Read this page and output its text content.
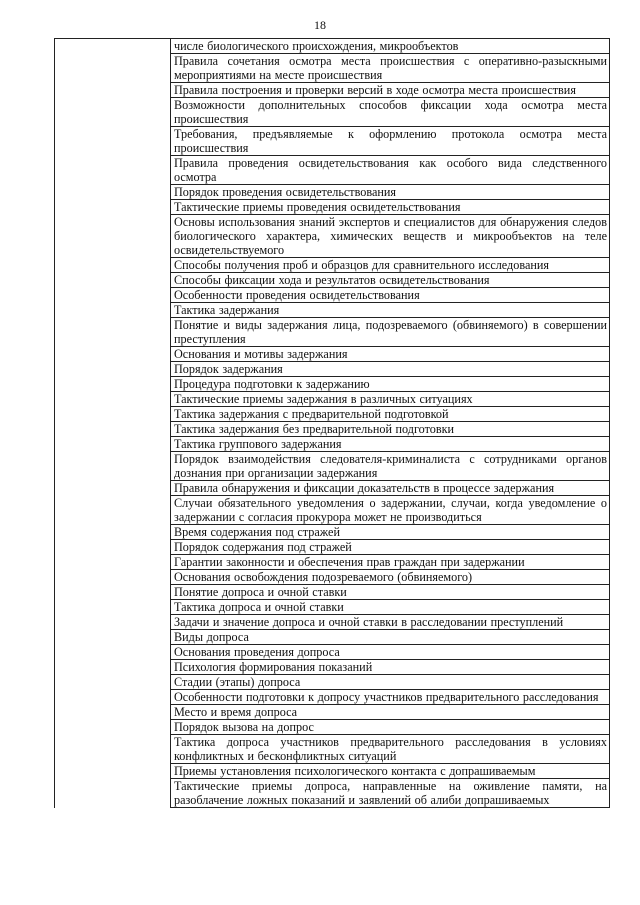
18
	числе биологического происхождения, микрообъектов
	Правила сочетания осмотра места происшествия с оперативно-разыскными мероприятиями на месте происшествия
	Правила построения и проверки версий в ходе осмотра места происшествия
	Возможности дополнительных способов фиксации хода осмотра места происшествия
	Требования, предъявляемые к оформлению протокола осмотра места происшествия
	Правила проведения освидетельствования как особого вида следственного осмотра
	Порядок проведения освидетельствования
	Тактические приемы проведения освидетельствования
	Основы использования знаний экспертов и специалистов для обнаружения следов биологического характера, химических веществ и микрообъектов на теле освидетельствуемого
	Способы получения проб и образцов для сравнительного исследования
	Способы фиксации хода и результатов освидетельствования
	Особенности проведения освидетельствования
	Тактика задержания
	Понятие и виды задержания лица, подозреваемого (обвиняемого) в совершении преступления
	Основания и мотивы задержания
	Порядок задержания
	Процедура подготовки к задержанию
	Тактические приемы задержания в различных ситуациях
	Тактика задержания с предварительной подготовкой
	Тактика задержания без предварительной подготовки
	Тактика группового задержания
	Порядок взаимодействия следователя-криминалиста с сотрудниками органов дознания при организации задержания
	Правила обнаружения и фиксации доказательств в процессе задержания
	Случаи обязательного уведомления о задержании, случаи, когда уведомление о задержании с согласия прокурора может не производиться
	Время содержания под стражей
	Порядок содержания под стражей
	Гарантии законности и обеспечения прав граждан при задержании
	Основания освобождения подозреваемого (обвиняемого)
	Понятие допроса и очной ставки
	Тактика допроса и очной ставки
	Задачи и значение допроса и очной ставки в расследовании преступлений
	Виды допроса
	Основания проведения допроса
	Психология формирования показаний
	Стадии (этапы) допроса
	Особенности подготовки к допросу участников предварительного расследования
	Место и время допроса
	Порядок вызова на допрос
	Тактика допроса участников предварительного расследования в условиях конфликтных и бесконфликтных ситуаций
	Приемы установления психологического контакта с допрашиваемым
	Тактические приемы допроса, направленные на оживление памяти, на разоблачение ложных показаний и заявлений об алиби допрашиваемых
